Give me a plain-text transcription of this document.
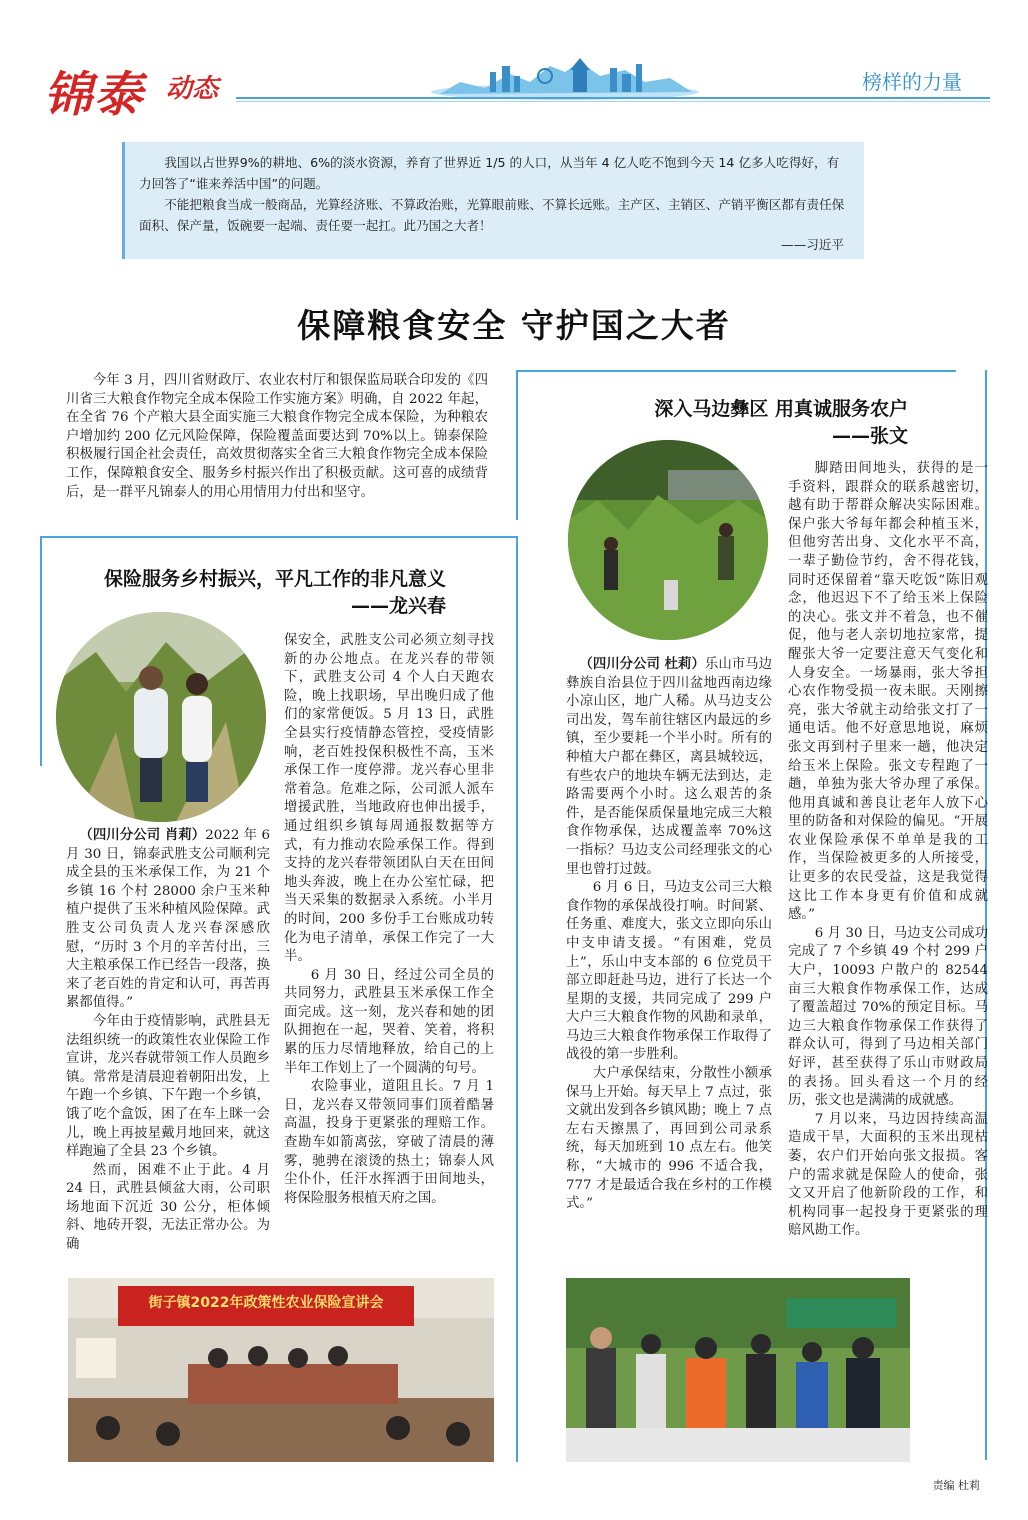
锦泰 动态	榜样的力量

我国以占世界9%的耕地、6%的淡水资源，养育了世界近 1/5 的人口，从当年 4 亿人吃不饱到今天 14 亿多人吃得好，有力回答了“谁来养活中国”的问题。

不能把粮食当成一般商品，光算经济账、不算政治账，光算眼前账、不算长远账。主产区、主销区、产销平衡区都有责任保面积、保产量，饭碗要一起端、责任要一起扛。此乃国之大者！

——习近平
保障粮食安全 守护国之大者

今年 3 月，四川省财政厅、农业农村厅和银保监局联合印发的《四川省三大粮食作物完全成本保险工作实施方案》明确，自 2022 年起，在全省 76 个产粮大县全面实施三大粮食作物完全成本保险，为种粮农户增加约 200 亿元风险保障，保险覆盖面要达到 70%以上。锦泰保险积极履行国企社会责任，高效贯彻落实全省三大粮食作物完全成本保险工作，保障粮食安全、服务乡村振兴作出了积极贡献。这可喜的成绩背后，是一群平凡锦泰人的用心用情用力付出和坚守。

保险服务乡村振兴，平凡工作的非凡意义
——龙兴春

（四川分公司 肖莉）2022 年 6 月 30 日，锦泰武胜支公司顺利完成全县的玉米承保工作，为 21 个乡镇 16 个村 28000 余户玉米种植户提供了玉米种植风险保障。武胜支公司负责人龙兴春深感欣慰，“历时 3 个月的辛苦付出，三大主粮承保工作已经告一段落，换来了老百姓的肯定和认可，再苦再累都值得。”

今年由于疫情影响，武胜县无法组织统一的政策性农业保险工作宣讲，龙兴春就带领工作人员跑乡镇。常常是清晨迎着朝阳出发，上午跑一个乡镇、下午跑一个乡镇，饿了吃个盒饭，困了在车上眯一会儿，晚上再披星戴月地回来，就这样跑遍了全县 23 个乡镇。

然而，困难不止于此。4 月 24 日，武胜县倾盆大雨，公司职场地面下沉近 30 公分，柜体倾斜、地砖开裂，无法正常办公。为确

保安全，武胜支公司必须立刻寻找新的办公地点。在龙兴春的带领下，武胜支公司 4 个人白天跑农险，晚上找职场，早出晚归成了他们的家常便饭。5 月 13 日，武胜全县实行疫情静态管控，受疫情影响，老百姓投保积极性不高，玉米承保工作一度停滞。龙兴春心里非常着急。危难之际，公司派人派车增援武胜，当地政府也伸出援手，通过组织乡镇每周通报数据等方式，有力推动农险承保工作。得到支持的龙兴春带领团队白天在田间地头奔波，晚上在办公室忙碌，把当天采集的数据录入系统。小半月的时间，200 多份手工台账成功转化为电子清单，承保工作完了一大半。

6 月 30 日，经过公司全员的共同努力，武胜县玉米承保工作全面完成。这一刻，龙兴春和她的团队拥抱在一起，哭着、笑着，将积累的压力尽情地释放，给自己的上半年工作划上了一个圆满的句号。

农险事业，道阻且长。7 月 1 日，龙兴春又带领同事们顶着酷暑高温，投身于更紧张的理赔工作。查勘车如箭离弦，穿破了清晨的薄雾，驰骋在滚烫的热土；锦泰人风尘仆仆，任汗水挥洒于田间地头，将保险服务根植天府之国。

街子镇2022年政策性农业保险宣讲会
深入马边彝区 用真诚服务农户
——张文

（四川分公司 杜莉）乐山市马边彝族自治县位于四川盆地西南边缘小凉山区，地广人稀。从马边支公司出发，驾车前往辖区内最远的乡镇，至少要耗一个半小时。所有的种植大户都在彝区，离县城较远，有些农户的地块车辆无法到达，走路需要两个小时。这么艰苦的条件，是否能保质保量地完成三大粮食作物承保，达成覆盖率 70%这一指标？马边支公司经理张文的心里也曾打过鼓。

6 月 6 日，马边支公司三大粮食作物的承保战役打响。时间紧、任务重、难度大，张文立即向乐山中支申请支援。“有困难，党员上”，乐山中支本部的 6 位党员干部立即赶赴马边，进行了长达一个星期的支援，共同完成了 299 户大户三大粮食作物的风勘和录单，马边三大粮食作物承保工作取得了战役的第一步胜利。

大户承保结束，分散性小额承保马上开始。每天早上 7 点过，张文就出发到各乡镇风勘；晚上 7 点左右天擦黑了，再回到公司录系统，每天加班到 10 点左右。他笑称，“大城市的 996 不适合我，777 才是最适合我在乡村的工作模式。”

脚踏田间地头，获得的是一手资料，跟群众的联系越密切，越有助于帮群众解决实际困难。保户张大爷每年都会种植玉米，但他穷苦出身、文化水平不高，一辈子勤俭节约，舍不得花钱，同时还保留着“靠天吃饭”陈旧观念，他迟迟下不了给玉米上保险的决心。张文并不着急，也不催促，他与老人亲切地拉家常，提醒张大爷一定要注意天气变化和人身安全。一场暴雨，张大爷担心农作物受损一夜未眠。天刚擦亮，张大爷就主动给张文打了一通电话。他不好意思地说，麻烦张文再到村子里来一趟，他决定给玉米上保险。张文专程跑了一趟，单独为张大爷办理了承保。他用真诚和善良让老年人放下心里的防备和对保险的偏见。“开展农业保险承保不单单是我的工作，当保险被更多的人所接受，让更多的农民受益，这是我觉得这比工作本身更有价值和成就感。”

6 月 30 日，马边支公司成功完成了 7 个乡镇 49 个村 299 户大户，10093 户散户的 82544 亩三大粮食作物承保工作，达成了覆盖超过 70%的预定目标。马边三大粮食作物承保工作获得了群众认可，得到了马边相关部门好评，甚至获得了乐山市财政局的表扬。回头看这一个月的经历，张文也是满满的成就感。

7 月以来，马边因持续高温造成干旱，大面积的玉米出现枯萎，农户们开始向张文报损。客户的需求就是保险人的使命，张文又开启了他新阶段的工作，和机构同事一起投身于更紧张的理赔风勘工作。

责编 杜莉
